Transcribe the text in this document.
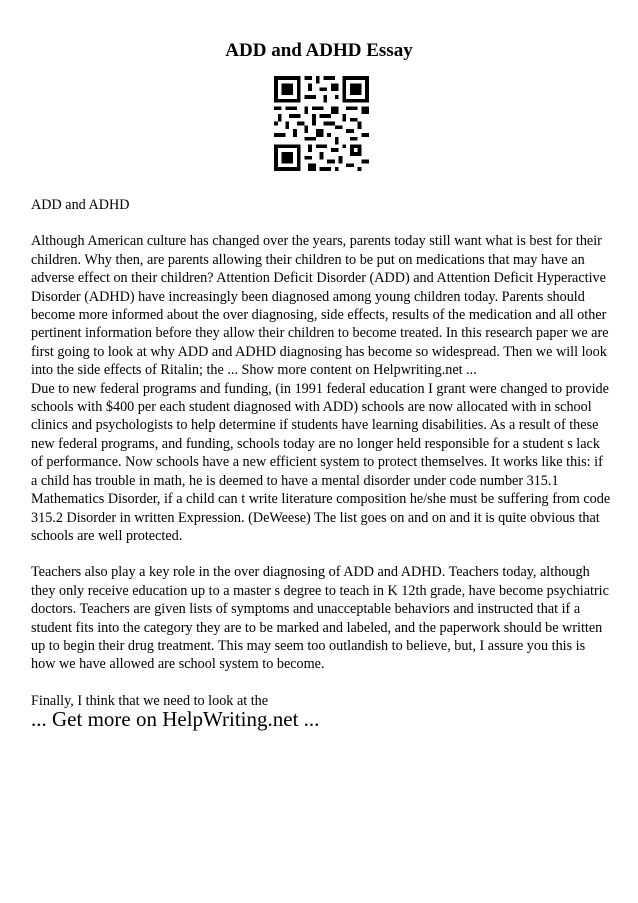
ADD and ADHD Essay

ADD and ADHD

Although American culture has changed over the years, parents today still want what is best for their children. Why then, are parents allowing their children to be put on medications that may have an adverse effect on their children? Attention Deficit Disorder (ADD) and Attention Deficit Hyperactive Disorder (ADHD) have increasingly been diagnosed among young children today. Parents should become more informed about the over diagnosing, side effects, results of the medication and all other pertinent information before they allow their children to become treated. In this research paper we are first going to look at why ADD and ADHD diagnosing has become so widespread. Then we will look into the side effects of Ritalin; the ... Show more content on Helpwriting.net ...

Due to new federal programs and funding, (in 1991 federal education I grant were changed to provide schools with $400 per each student diagnosed with ADD) schools are now allocated with in school clinics and psychologists to help determine if students have learning disabilities. As a result of these new federal programs, and funding, schools today are no longer held responsible for a student s lack of performance. Now schools have a new efficient system to protect themselves. It works like this: if a child has trouble in math, he is deemed to have a mental disorder under code number 315.1 Mathematics Disorder, if a child can t write literature composition he/she must be suffering from code 315.2 Disorder in written Expression. (DeWeese) The list goes on and on and it is quite obvious that schools are well protected.

Teachers also play a key role in the over diagnosing of ADD and ADHD. Teachers today, although they only receive education up to a master s degree to teach in K 12th grade, have become psychiatric doctors. Teachers are given lists of symptoms and unacceptable behaviors and instructed that if a student fits into the category they are to be marked and labeled, and the paperwork should be written up to begin their drug treatment. This may seem too outlandish to believe, but, I assure you this is how we have allowed are school system to become.

Finally, I think that we need to look at the

... Get more on HelpWriting.net ...
